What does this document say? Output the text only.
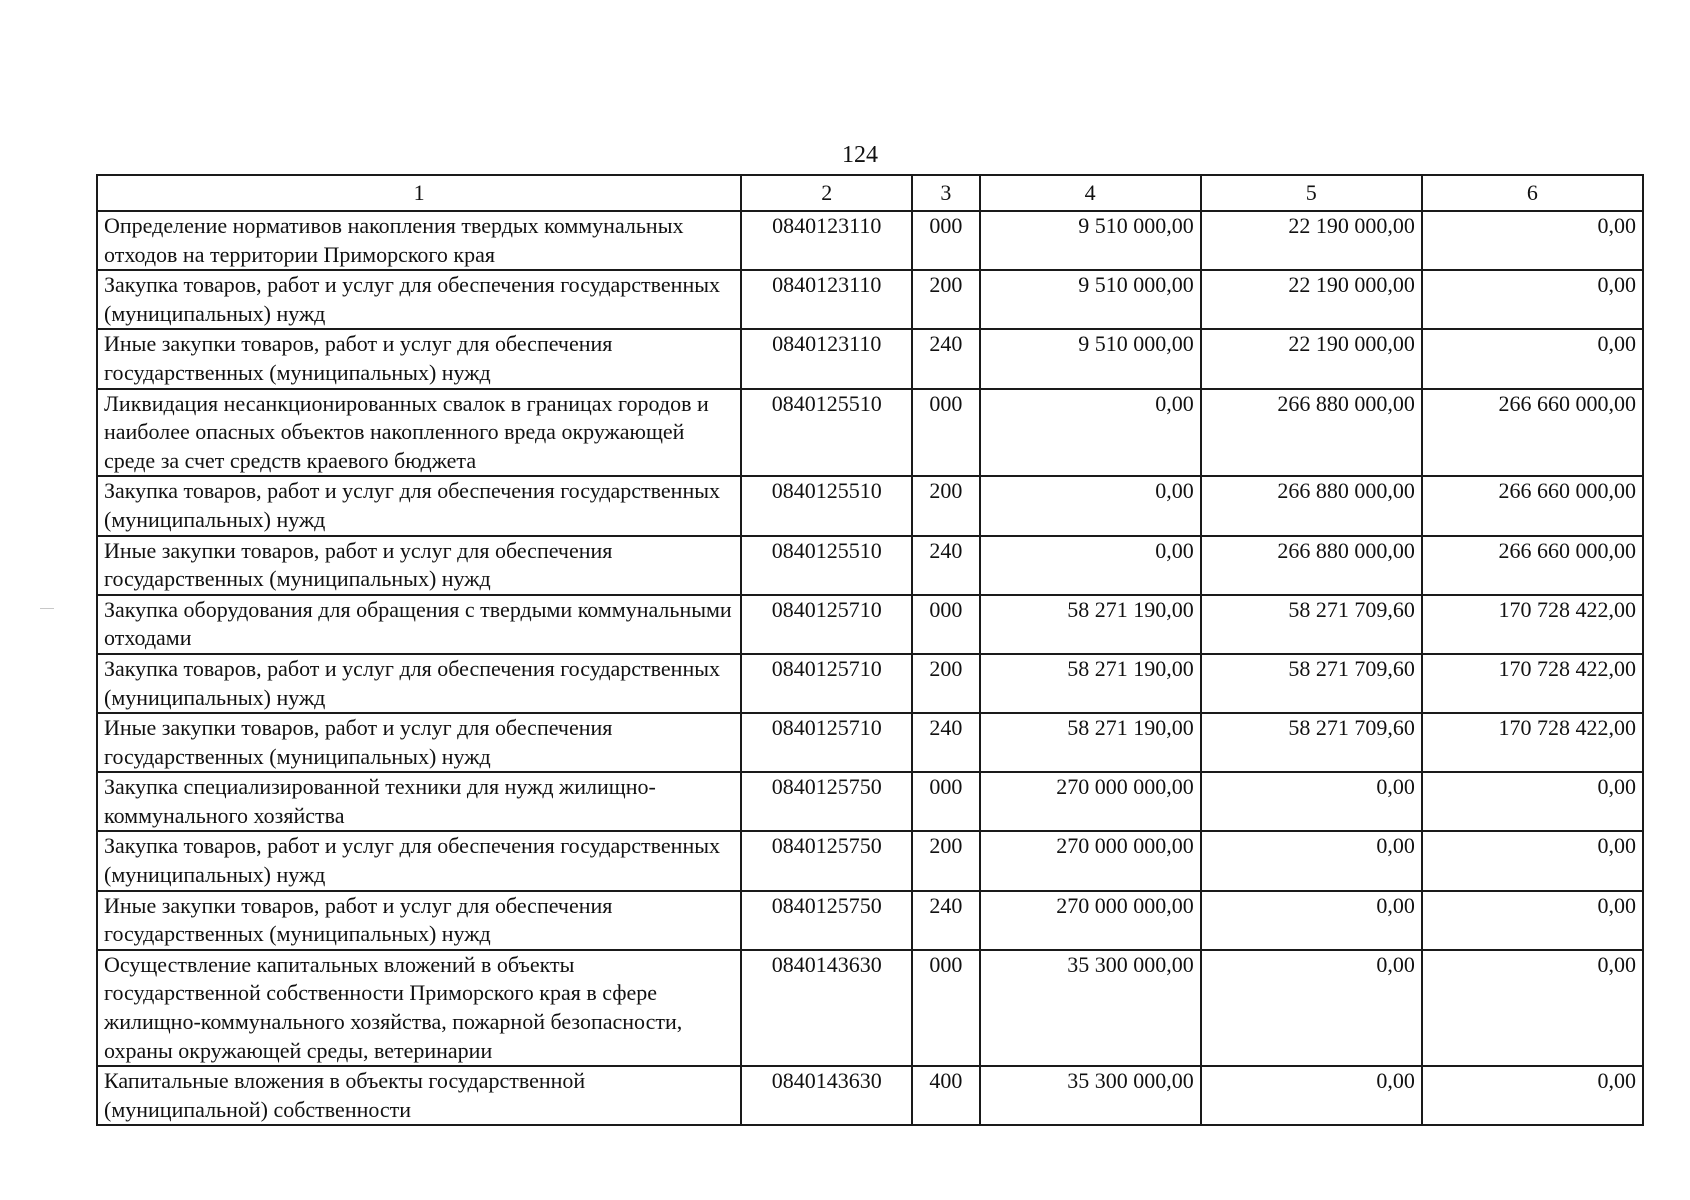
124
1	2	3	4	5	6
Определение нормативов накопления твердых коммунальных отходов на территории Приморского края	0840123110	000	9 510 000,00	22 190 000,00	0,00
Закупка товаров, работ и услуг для обеспечения государственных (муниципальных) нужд	0840123110	200	9 510 000,00	22 190 000,00	0,00
Иные закупки товаров, работ и услуг для обеспечения государственных (муниципальных) нужд	0840123110	240	9 510 000,00	22 190 000,00	0,00
Ликвидация несанкционированных свалок в границах городов и наиболее опасных объектов накопленного вреда окружающей среде за счет средств краевого бюджета	0840125510	000	0,00	266 880 000,00	266 660 000,00
Закупка товаров, работ и услуг для обеспечения государственных (муниципальных) нужд	0840125510	200	0,00	266 880 000,00	266 660 000,00
Иные закупки товаров, работ и услуг для обеспечения государственных (муниципальных) нужд	0840125510	240	0,00	266 880 000,00	266 660 000,00
Закупка оборудования для обращения с твердыми коммунальными отходами	0840125710	000	58 271 190,00	58 271 709,60	170 728 422,00
Закупка товаров, работ и услуг для обеспечения государственных (муниципальных) нужд	0840125710	200	58 271 190,00	58 271 709,60	170 728 422,00
Иные закупки товаров, работ и услуг для обеспечения государственных (муниципальных) нужд	0840125710	240	58 271 190,00	58 271 709,60	170 728 422,00
Закупка специализированной техники для нужд жилищно-коммунального хозяйства	0840125750	000	270 000 000,00	0,00	0,00
Закупка товаров, работ и услуг для обеспечения государственных (муниципальных) нужд	0840125750	200	270 000 000,00	0,00	0,00
Иные закупки товаров, работ и услуг для обеспечения государственных (муниципальных) нужд	0840125750	240	270 000 000,00	0,00	0,00
Осуществление капитальных вложений в объекты государственной собственности Приморского края в сфере жилищно-коммунального хозяйства, пожарной безопасности, охраны окружающей среды, ветеринарии	0840143630	000	35 300 000,00	0,00	0,00
Капитальные вложения в объекты государственной (муниципальной) собственности	0840143630	400	35 300 000,00	0,00	0,00
